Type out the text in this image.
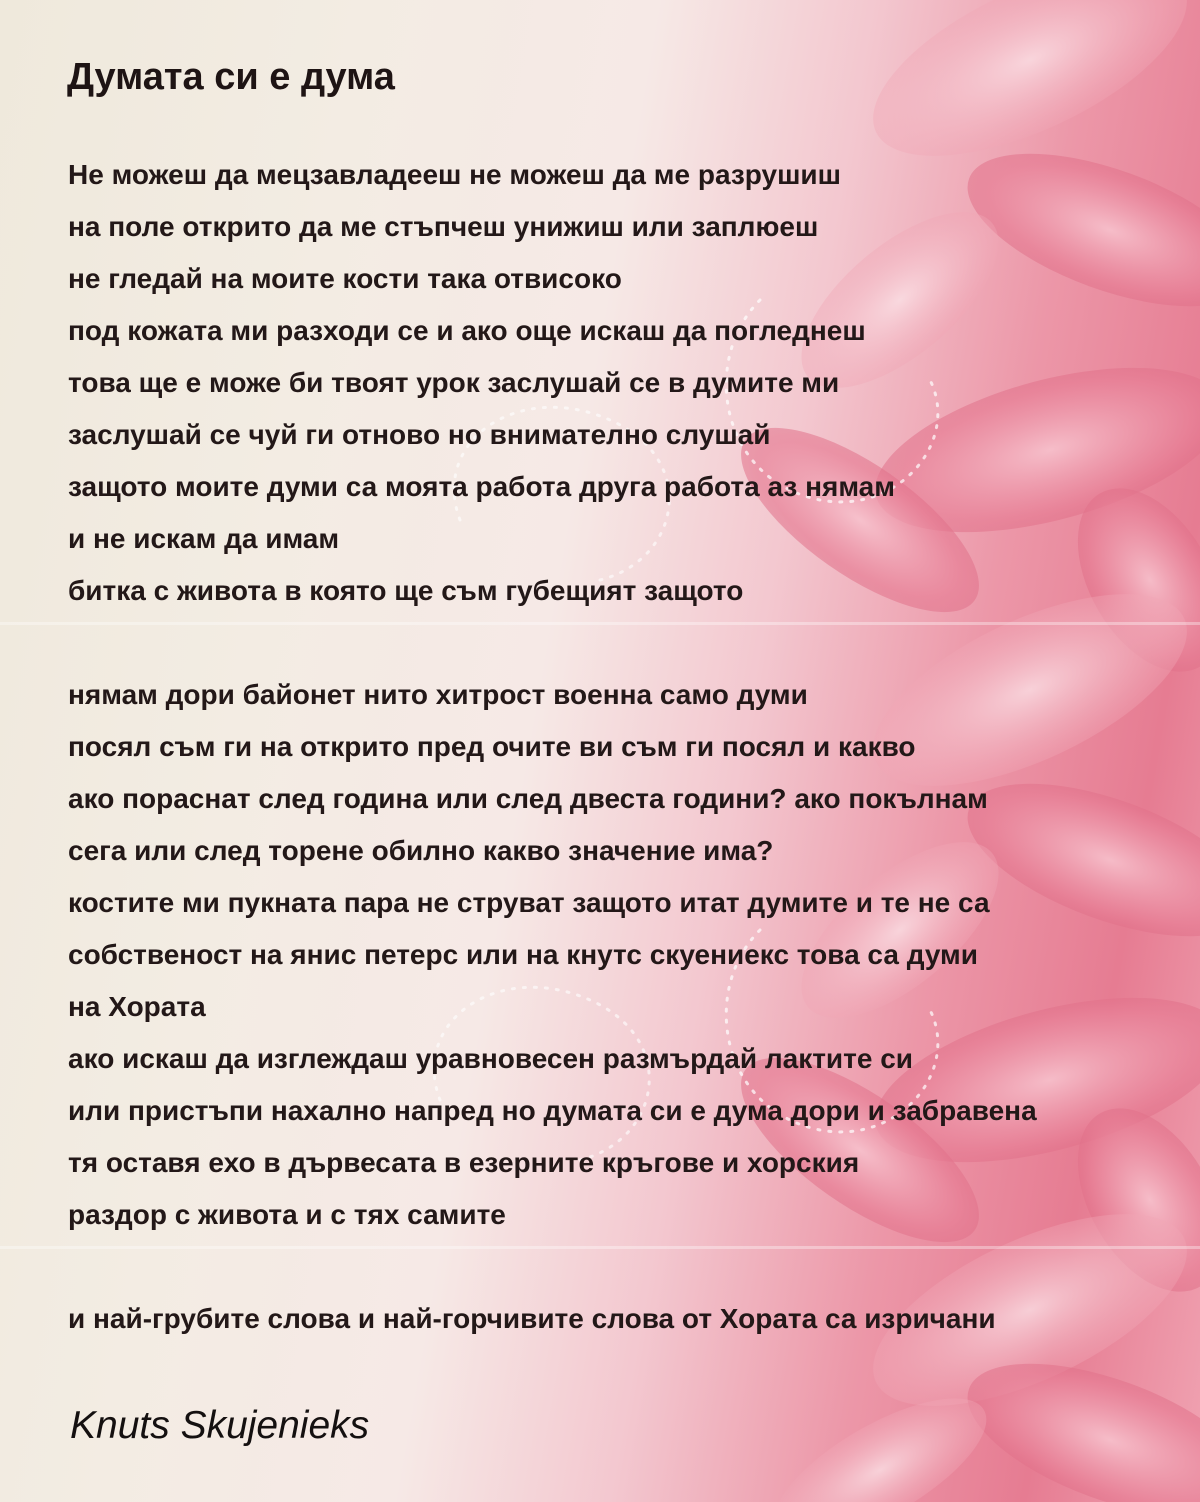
Думата си е дума
Не можеш да мецзавладееш не можеш да ме разрушиш
на поле открито да ме стъпчеш унижиш или заплюеш
не гледай на моите кости така отвисоко
под кожата ми разходи се и ако още искаш да погледнеш
това ще е може би твоят урок заслушай се в думите ми
заслушай се чуй ги отново но внимателно слушай
защото моите думи са моята работа друга работа аз нямам
и не искам да имам
битка с живота в която ще съм губещият защото
нямам дори байонет нито хитрост военна само думи
посял съм ги на открито пред очите ви съм ги посял и какво
ако пораснат след година или след двеста години? ако покълнам
сега или след торене обилно какво значение има?
костите ми пукната пара не струват защото итат думите и те не са
собственост на янис петерс или на кнутс скуениекс това са думи
на Хората
ако искаш да изглеждаш уравновесен размърдай лактите си
или пристъпи нахално напред но думата си е дума дори и забравена
тя оставя ехо в дървесата в езерните кръгове и хорския
раздор с живота и с тях самите
и най-грубите слова и най-горчивите слова от Хората са изричани
Knuts Skujenieks
